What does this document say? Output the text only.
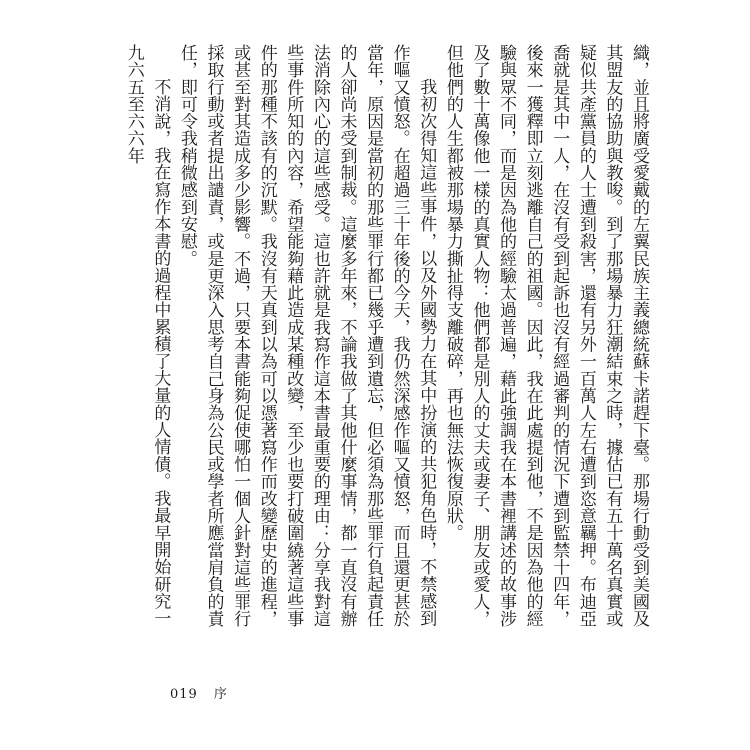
織，並且將廣受愛戴的左翼民族主義總統蘇卡諾趕下臺。那場行動受到美國及其盟友的協助與教唆。到了那場暴力狂潮結束之時，據估已有五十萬名真實或疑似共產黨員的人士遭到殺害，還有另外一百萬人左右遭到恣意羈押。布迪亞喬就是其中一人，在沒有受到起訴也沒有經過審判的情況下遭到監禁十四年，後來一獲釋即立刻逃離自己的祖國。因此，我在此處提到他，不是因為他的經驗與眾不同，而是因為他的經驗太過普遍，藉此強調我在本書裡講述的故事涉及了數十萬像他一樣的真實人物：他們都是別人的丈夫或妻子、朋友或愛人，但他們的人生都被那場暴力撕扯得支離破碎，再也無法恢復原狀。

我初次得知這些事件，以及外國勢力在其中扮演的共犯角色時，不禁感到作嘔又憤怒。在超過三十年後的今天，我仍然深感作嘔又憤怒，而且還更甚於當年，原因是當初的那些罪行都已幾乎遭到遺忘，但必須為那些罪行負起責任的人卻尚未受到制裁。這麼多年來，不論我做了其他什麼事情，都一直沒有辦法消除內心的這些感受。這也許就是我寫作這本書最重要的理由：分享我對這些事件所知的內容，希望能夠藉此造成某種改變，至少也要打破圍繞著這些事件的那種不該有的沉默。我沒有天真到以為可以憑著寫作而改變歷史的進程，或甚至對其造成多少影響。不過，只要本書能夠促使哪怕一個人針對這些罪行採取行動或者提出譴責，或是更深入思考自己身為公民或學者所應當肩負的責任，即可令我稍微感到安慰。

不消說，我在寫作本書的過程中累積了大量的人情債。我最早開始研究一九六五至六六年

019 序
